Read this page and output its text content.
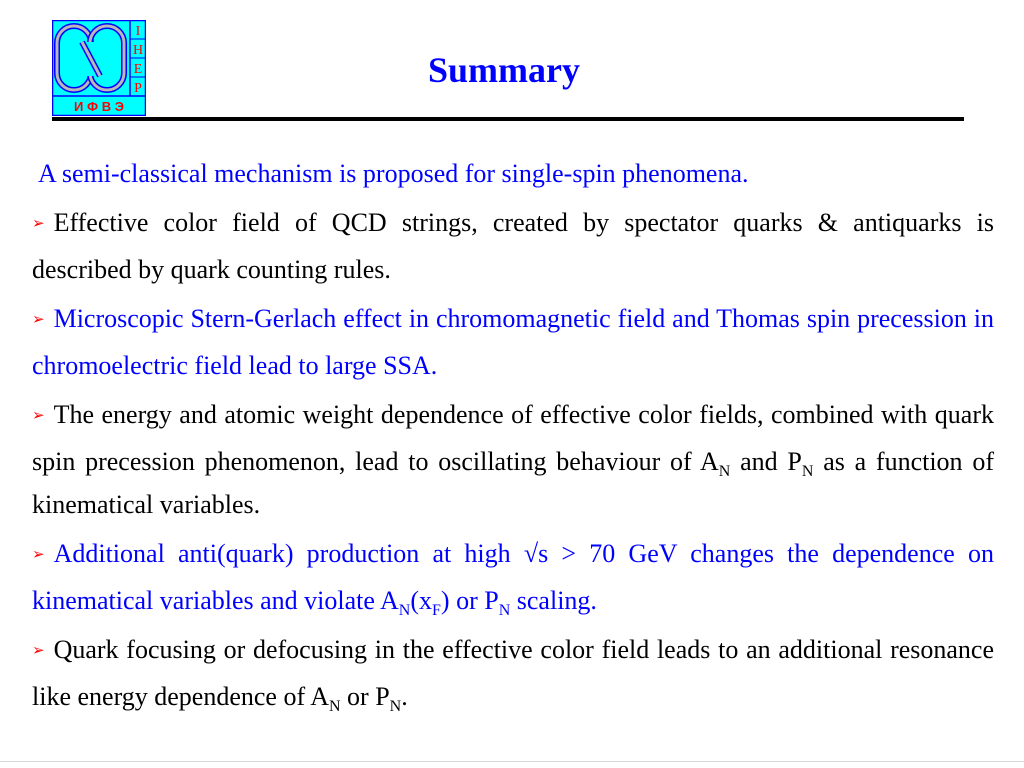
I
H
E
P
И Ф В Э
Summary

A semi-classical mechanism is proposed for single-spin phenomena.

➢ Effective color field of QCD strings, created by spectator quarks & antiquarks is described by quark counting rules.

➢ Microscopic Stern-Gerlach effect in chromomagnetic field and Thomas spin precession in chromoelectric field lead to large SSA.

➢ The energy and atomic weight dependence of effective color fields, combined with quark spin precession phenomenon, lead to oscillating behaviour of $A_N$ and $P_N$ as a function of kinematical variables.

➢ Additional anti(quark) production at high √s > 70 GeV changes the dependence on kinematical variables and violate $A_N(x_F)$ or $P_N$ scaling.

➢ Quark focusing or defocusing in the effective color field leads to an additional resonance like energy dependence of $A_N$ or $P_N$.
